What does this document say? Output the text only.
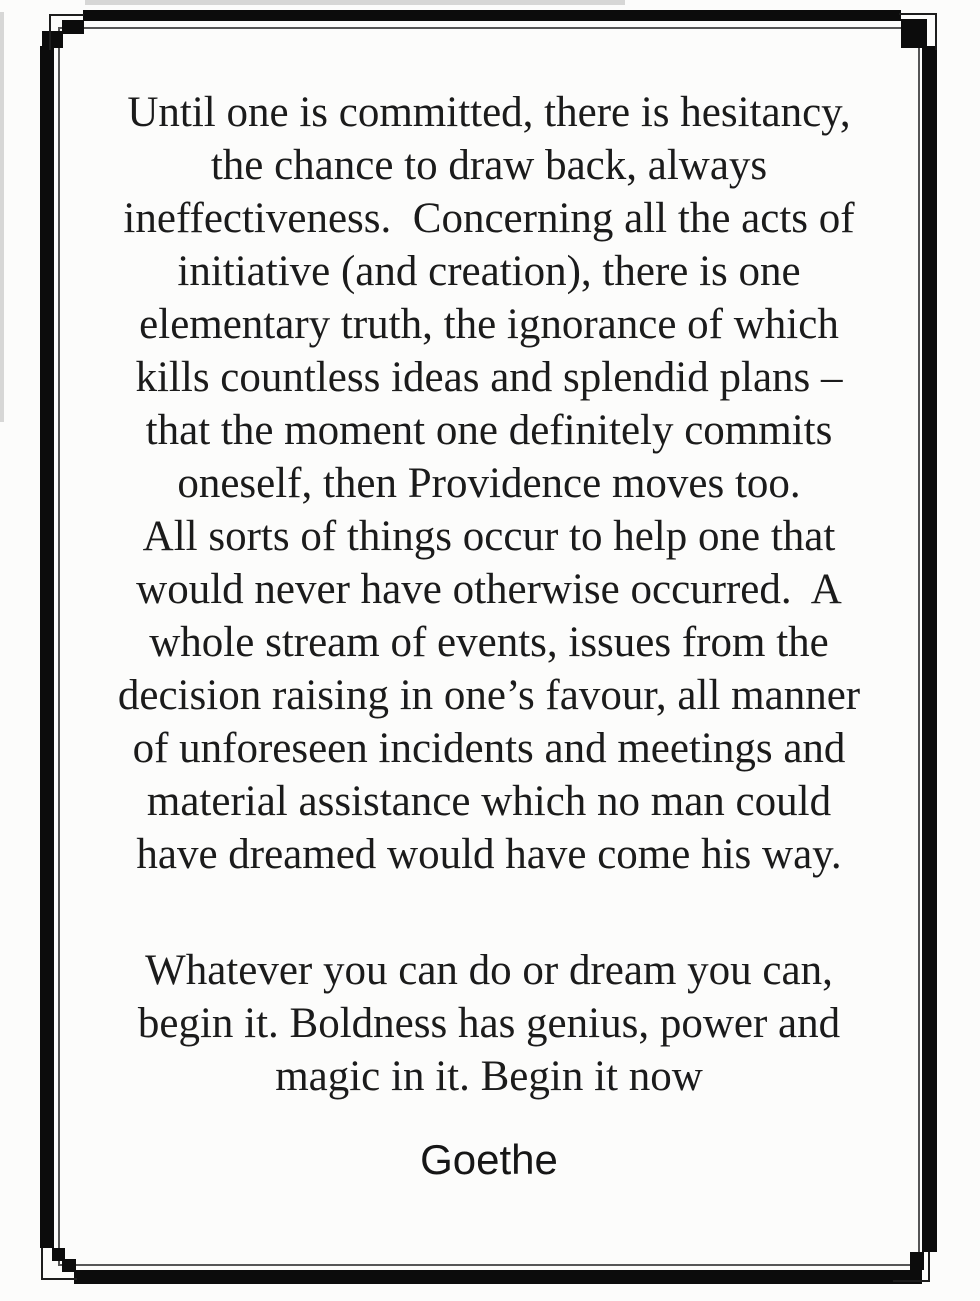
Until one is committed, there is hesitancy,
the chance to draw back, always
ineffectiveness.  Concerning all the acts of
initiative (and creation), there is one
elementary truth, the ignorance of which
kills countless ideas and splendid plans –
that the moment one definitely commits
oneself, then Providence moves too.
All sorts of things occur to help one that
would never have otherwise occurred.  A
whole stream of events, issues from the
decision raising in one’s favour, all manner
of unforeseen incidents and meetings and
material assistance which no man could
have dreamed would have come his way.
Whatever you can do or dream you can,
begin it. Boldness has genius, power and
magic in it. Begin it now
Goethe
